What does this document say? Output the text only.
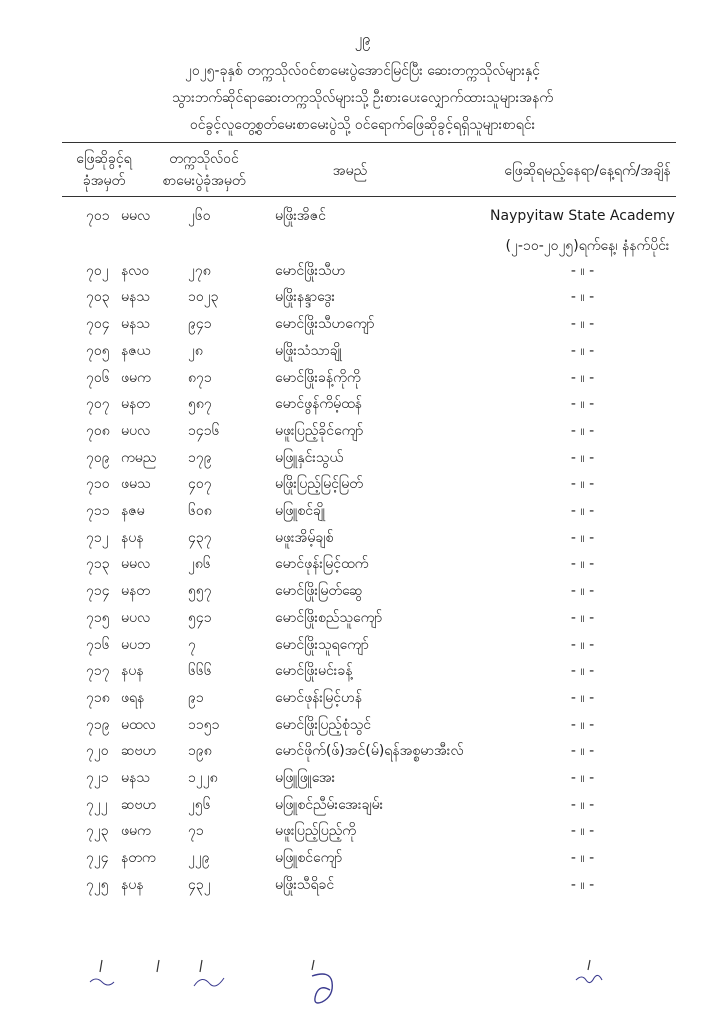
၂၉
၂၀၂၅-ခုနှစ် တက္ကသိုလ်ဝင်စာမေးပွဲအောင်မြင်ပြီး ဆေးတက္ကသိုလ်များနှင့်
သွားဘက်ဆိုင်ရာဆေးတက္ကသိုလ်များသို့ ဦးစားပေးလျှောက်ထားသူများအနက်
ဝင်ခွင့်လူတွေ့စွတ်မေးစာမေးပွဲသို့ ဝင်ရောက်ဖြေဆိုခွင့်ရရှိသူများစာရင်း
ဖြေဆိုခွင့်ရ
ခုံအမှတ်
တက္ကသိုလ်ဝင်
စာမေးပွဲခုံအမှတ်
အမည်	ဖြေဆိုရမည့်နေရာ/နေ့ရက်/အချိန်
၇၀၁ မမလ	၂၆၀	မဖြိုးအိဇင်	Naypyitaw State Academy
၇၀၂ နလဝ	၂၇၈	မောင်ဖြိုးသီဟ	- ။ -
၇၀၃ မနသ	၁၀၂၃	မဖြိုးနန္ဒာဒွေး	- ။ -
၇၀၄ မနသ	၉၄၁	မောင်ဖြိုးသီဟကျော်	- ။ -
၇၀၅ နဇယ	၂၈	မဖြိုးသံသာချို	- ။ -
၇၀၆ ဖမက	၈၇၁	မောင်ဖြိုးခန့်ကိုကို	- ။ -
၇၀၇ မနတ	၅၈၇	မောင်ဖွန်ကိမ့်ထန်	- ။ -
၇၀၈ မပလ	၁၄၁၆	မဖူးပြည့်ခိုင်ကျော်	- ။ -
၇၀၉ ကမည ၁၇၉	မဖြူနှင်းသွယ်	- ။ -
၇၁၀ ဖမသ	၄၀၇	မဖြိုးပြည့်မြင့်မြတ်	- ။ -
၇၁၁ နဇမ	၆၀၈	မဖြူစင်ချို	- ။ -
၇၁၂ နပန	၄၃၇	မဖူးအိမ့်ချစ်	- ။ -
၇၁၃ မမလ	၂၈၆	မောင်ဖုန်းမြင့်ထက်	- ။ -
၇၁၄ မနတ	၅၅၇	မောင်ဖြိုးမြတ်ဆွေ	- ။ -
၇၁၅ မပလ	၅၄၁	မောင်ဖြိုးစည်သူကျော်	- ။ -
၇၁၆ မပဘ	၇	မောင်ဖြိုးသူရကျော်	- ။ -
၇၁၇ နပန	၆၆၆	မောင်ဖြိုးမင်းခန့်	- ။ -
၇၁၈ ဖရန	၉၁	မောင်ဖုန်းမြင့်ဟန်	- ။ -
၇၁၉ မထလ ၁၁၅၁	မောင်ဖြိုးပြည့်စုံသွင်	- ။ -
၇၂၀ ဆဗဟ ၁၉၈	မောင်ဖိုက်(ဖ်)အင်(မ်)ရန်အစ္စမာအီးလ်	- ။ -
၇၂၁ မနသ	၁၂၂၈	မဖြူဖြူအေး	- ။ -
၇၂၂ ဆဗဟ ၂၅၆	မဖြူစင်ညီမ်းအေးချမ်း	- ။ -
၇၂၃ ဖမက	၇၁	မဖူးပြည့်ပြည့်ကို	- ။ -
၇၂၄ နတက ၂၂၉	မဖြူစင်ကျော်	- ။ -
၇၂၅ နပန	၄၃၂	မဖြိုးသီရိခင်	- ။ -
(၂-၁၀-၂၀၂၅)ရက်နေ့၊ နံနက်ပိုင်း
